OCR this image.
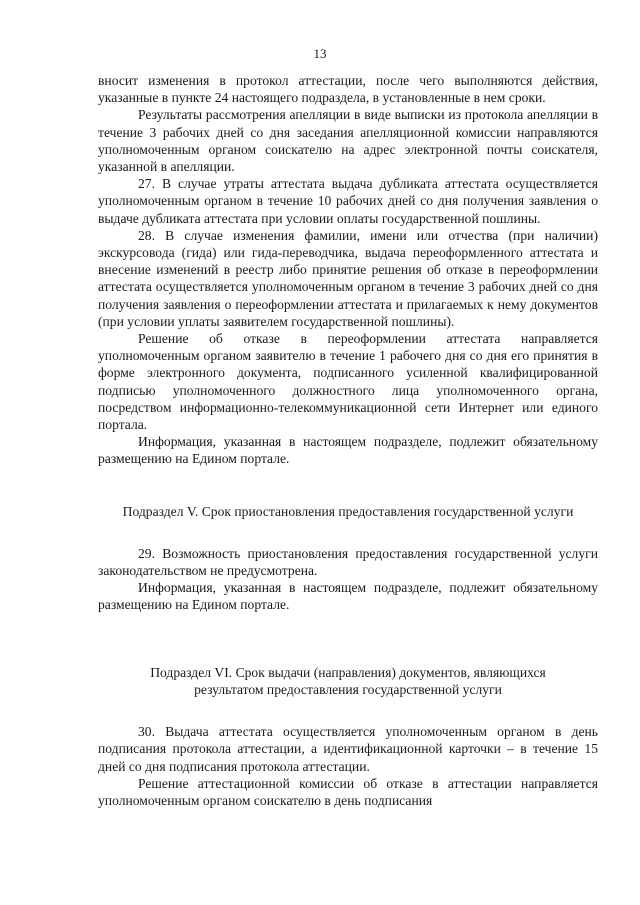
13

вносит изменения в протокол аттестации, после чего выполняются действия, указанные в пункте 24 настоящего подраздела, в установленные в нем сроки.

Результаты рассмотрения апелляции в виде выписки из протокола апелляции в течение 3 рабочих дней со дня заседания апелляционной комиссии направляются уполномоченным органом соискателю на адрес электронной почты соискателя, указанной в апелляции.

27. В случае утраты аттестата выдача дубликата аттестата осуществляется уполномоченным органом в течение 10 рабочих дней со дня получения заявления о выдаче дубликата аттестата при условии оплаты государственной пошлины.

28. В случае изменения фамилии, имени или отчества (при наличии) экскурсовода (гида) или гида-переводчика, выдача переоформленного аттестата и внесение изменений в реестр либо принятие решения об отказе в переоформлении аттестата осуществляется уполномоченным органом в течение 3 рабочих дней со дня получения заявления о переоформлении аттестата и прилагаемых к нему документов (при условии уплаты заявителем государственной пошлины).

Решение об отказе в переоформлении аттестата направляется уполномоченным органом заявителю в течение 1 рабочего дня со дня его принятия в форме электронного документа, подписанного усиленной квалифицированной подписью уполномоченного должностного лица уполномоченного органа, посредством информационно-телекоммуникационной сети Интернет или единого портала.

Информация, указанная в настоящем подразделе, подлежит обязательному размещению на Едином портале.

Подраздел V. Срок приостановления предоставления государственной услуги

29. Возможность приостановления предоставления государственной услуги законодательством не предусмотрена.

Информация, указанная в настоящем подразделе, подлежит обязательному размещению на Едином портале.

Подраздел VI. Срок выдачи (направления) документов, являющихся

результатом предоставления государственной услуги

30. Выдача аттестата осуществляется уполномоченным органом в день подписания протокола аттестации, а идентификационной карточки – в течение 15 дней со дня подписания протокола аттестации.

Решение аттестационной комиссии об отказе в аттестации направляется уполномоченным органом соискателю в день подписания
